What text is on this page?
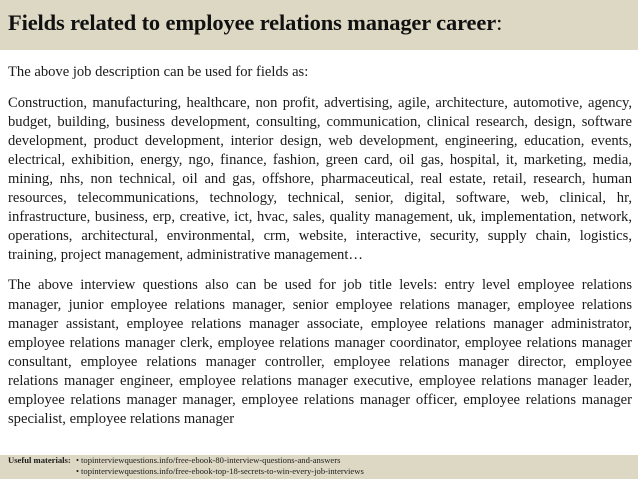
Fields related to employee relations manager career:

The above job description can be used for fields as:

Construction, manufacturing, healthcare, non profit, advertising, agile, architecture, automotive, agency, budget, building, business development, consulting, communication, clinical research, design, software development, product development, interior design, web development, engineering, education, events, electrical, exhibition, energy, ngo, finance, fashion, green card, oil gas, hospital, it, marketing, media, mining, nhs, non technical, oil and gas, offshore, pharmaceutical, real estate, retail, research, human resources, telecommunications, technology, technical, senior, digital, software, web, clinical, hr, infrastructure, business, erp, creative, ict, hvac, sales, quality management, uk, implementation, network, operations, architectural, environmental, crm, website, interactive, security, supply chain, logistics, training, project management, administrative management…

The above interview questions also can be used for job title levels: entry level employee relations manager, junior employee relations manager, senior employee relations manager, employee relations manager assistant, employee relations manager associate, employee relations manager administrator, employee relations manager clerk, employee relations manager coordinator, employee relations manager consultant, employee relations manager controller, employee relations manager director, employee relations manager engineer, employee relations manager executive, employee relations manager leader, employee relations manager manager, employee relations manager officer, employee relations manager specialist, employee relations manager

Useful materials: • topinterviewquestions.info/free-ebook-80-interview-questions-and-answers
• topinterviewquestions.info/free-ebook-top-18-secrets-to-win-every-job-interviews
